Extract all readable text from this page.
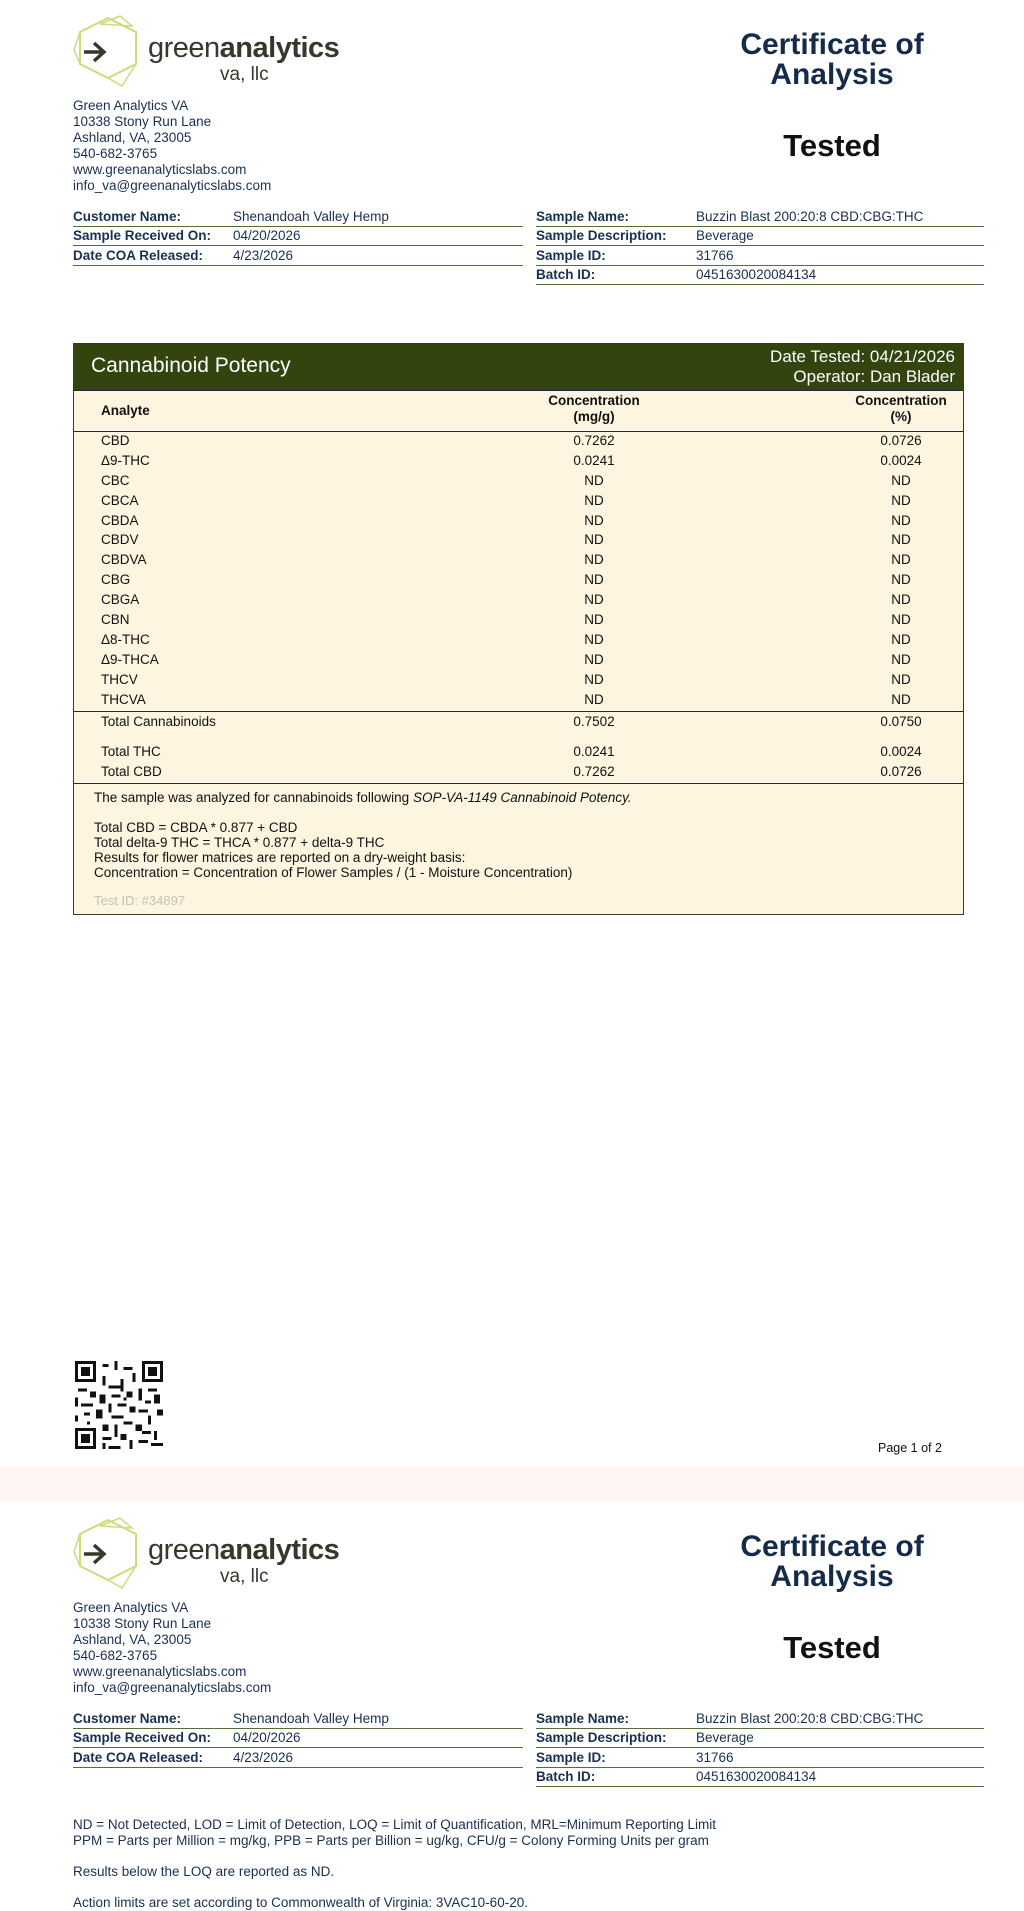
greenanalytics
va, llc
Green Analytics VA
10338 Stony Run Lane
Ashland, VA, 23005
540-682-3765
www.greenanalyticslabs.com
info_va@greenanalyticslabs.com
Certificate of
Analysis
Tested
Customer Name:	Shenandoah Valley Hemp
Sample Received On:	04/20/2026
Date COA Released:	4/23/2026
Sample Name:	Buzzin Blast 200:20:8 CBD:CBG:THC
Sample Description:	Beverage
Sample ID:	31766
Batch ID:	0451630020084134
Cannabinoid Potency	Date Tested: 04/21/2026
Operator: Dan Blader
Analyte
Concentration
(mg/g)
Concentration
(%)
CBD	0.7262	0.0726
Δ9-THC	0.0241	0.0024
CBC	ND	ND
CBCA	ND	ND
CBDA	ND	ND
CBDV	ND	ND
CBDVA	ND	ND
CBG	ND	ND
CBGA	ND	ND
CBN	ND	ND
Δ8-THC	ND	ND
Δ9-THCA	ND	ND
THCV	ND	ND
THCVA	ND	ND
Total Cannabinoids	0.7502	0.0750
Total THC	0.0241	0.0024
Total CBD	0.7262	0.0726

The sample was analyzed for cannabinoids following SOP-VA-1149 Cannabinoid Potency.

Total CBD = CBDA * 0.877 + CBD

Total delta-9 THC = THCA * 0.877 + delta-9 THC

Results for flower matrices are reported on a dry-weight basis:

Concentration = Concentration of Flower Samples / (1 - Moisture Concentration)

Test ID: #34897
Page 1 of 2
greenanalytics
va, llc
Green Analytics VA
10338 Stony Run Lane
Ashland, VA, 23005
540-682-3765
www.greenanalyticslabs.com
info_va@greenanalyticslabs.com
Certificate of
Analysis
Tested
Customer Name:	Shenandoah Valley Hemp
Sample Received On:	04/20/2026
Date COA Released:	4/23/2026
Sample Name:	Buzzin Blast 200:20:8 CBD:CBG:THC
Sample Description:	Beverage
Sample ID:	31766
Batch ID:	0451630020084134
ND = Not Detected, LOD = Limit of Detection, LOQ = Limit of Quantification, MRL=Minimum Reporting Limit
PPM = Parts per Million = mg/kg, PPB = Parts per Billion = ug/kg, CFU/g = Colony Forming Units per gram
Results below the LOQ are reported as ND.
Action limits are set according to Commonwealth of Virginia: 3VAC10-60-20.
